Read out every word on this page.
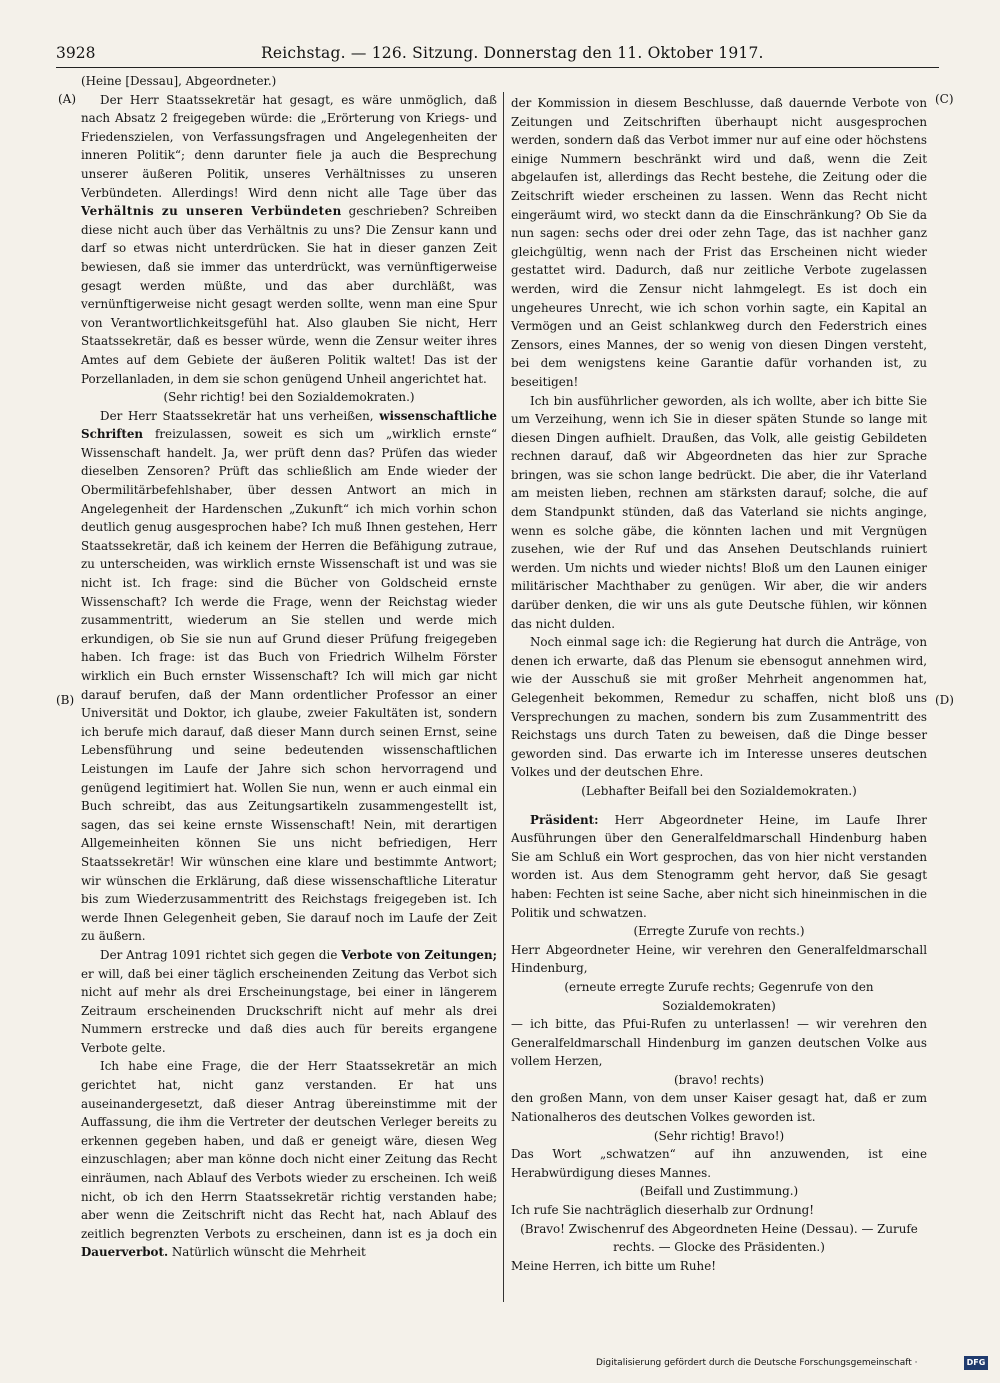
3928	Reichstag. — 126. Sitzung. Donnerstag den 11. Oktober 1917.
(A)
(B)
(C)
(D)

(Heine [Dessau], Abgeordneter.)

Der Herr Staatssekretär hat gesagt, es wäre unmöglich, daß nach Absatz 2 freigegeben würde: die „Erörterung von Kriegs- und Friedenszielen, von Verfassungsfragen und Angelegenheiten der inneren Politik“; denn darunter fiele ja auch die Besprechung unserer äußeren Politik, unseres Verhältnisses zu unseren Verbündeten. Allerdings! Wird denn nicht alle Tage über das Verhältnis zu unseren Verbündeten geschrieben? Schreiben diese nicht auch über das Verhältnis zu uns? Die Zensur kann und darf so etwas nicht unterdrücken. Sie hat in dieser ganzen Zeit bewiesen, daß sie immer das unterdrückt, was vernünftigerweise gesagt werden müßte, und das aber durchläßt, was vernünftigerweise nicht gesagt werden sollte, wenn man eine Spur von Verantwortlichkeitsgefühl hat. Also glauben Sie nicht, Herr Staatssekretär, daß es besser würde, wenn die Zensur weiter ihres Amtes auf dem Gebiete der äußeren Politik waltet! Das ist der Porzellanladen, in dem sie schon genügend Unheil angerichtet hat.

(Sehr richtig! bei den Sozialdemokraten.)

Der Herr Staatssekretär hat uns verheißen, wissenschaftliche Schriften freizulassen, soweit es sich um „wirklich ernste“ Wissenschaft handelt. Ja, wer prüft denn das? Prüfen das wieder dieselben Zensoren? Prüft das schließlich am Ende wieder der Obermilitärbefehlshaber, über dessen Antwort an mich in Angelegenheit der Hardenschen „Zukunft“ ich mich vorhin schon deutlich genug ausgesprochen habe? Ich muß Ihnen gestehen, Herr Staatssekretär, daß ich keinem der Herren die Befähigung zutraue, zu unterscheiden, was wirklich ernste Wissenschaft ist und was sie nicht ist. Ich frage: sind die Bücher von Goldscheid ernste Wissenschaft? Ich werde die Frage, wenn der Reichstag wieder zusammentritt, wiederum an Sie stellen und werde mich erkundigen, ob Sie sie nun auf Grund dieser Prüfung freigegeben haben. Ich frage: ist das Buch von Friedrich Wilhelm Förster wirklich ein Buch ernster Wissenschaft? Ich will mich gar nicht darauf berufen, daß der Mann ordentlicher Professor an einer Universität und Doktor, ich glaube, zweier Fakultäten ist, sondern ich berufe mich darauf, daß dieser Mann durch seinen Ernst, seine Lebensführung und seine bedeutenden wissenschaftlichen Leistungen im Laufe der Jahre sich schon hervorragend und genügend legitimiert hat. Wollen Sie nun, wenn er auch einmal ein Buch schreibt, das aus Zeitungsartikeln zusammengestellt ist, sagen, das sei keine ernste Wissenschaft! Nein, mit derartigen Allgemeinheiten können Sie uns nicht befriedigen, Herr Staatssekretär! Wir wünschen eine klare und bestimmte Antwort; wir wünschen die Erklärung, daß diese wissenschaftliche Literatur bis zum Wiederzusammentritt des Reichstags freigegeben ist. Ich werde Ihnen Gelegenheit geben, Sie darauf noch im Laufe der Zeit zu äußern.

Der Antrag 1091 richtet sich gegen die Verbote von Zeitungen; er will, daß bei einer täglich erscheinenden Zeitung das Verbot sich nicht auf mehr als drei Erscheinungstage, bei einer in längerem Zeitraum erscheinenden Druckschrift nicht auf mehr als drei Nummern erstrecke und daß dies auch für bereits ergangene Verbote gelte.

Ich habe eine Frage, die der Herr Staatssekretär an mich gerichtet hat, nicht ganz verstanden. Er hat uns auseinandergesetzt, daß dieser Antrag übereinstimme mit der Auffassung, die ihm die Vertreter der deutschen Verleger bereits zu erkennen gegeben haben, und daß er geneigt wäre, diesen Weg einzuschlagen; aber man könne doch nicht einer Zeitung das Recht einräumen, nach Ablauf des Verbots wieder zu erscheinen. Ich weiß nicht, ob ich den Herrn Staatssekretär richtig verstanden habe; aber wenn die Zeitschrift nicht das Recht hat, nach Ablauf des zeitlich begrenzten Verbots zu erscheinen, dann ist es ja doch ein Dauerverbot. Natürlich wünscht die Mehrheit

der Kommission in diesem Beschlusse, daß dauernde Verbote von Zeitungen und Zeitschriften überhaupt nicht ausgesprochen werden, sondern daß das Verbot immer nur auf eine oder höchstens einige Nummern beschränkt wird und daß, wenn die Zeit abgelaufen ist, allerdings das Recht bestehe, die Zeitung oder die Zeitschrift wieder erscheinen zu lassen. Wenn das Recht nicht eingeräumt wird, wo steckt dann da die Einschränkung? Ob Sie da nun sagen: sechs oder drei oder zehn Tage, das ist nachher ganz gleichgültig, wenn nach der Frist das Erscheinen nicht wieder gestattet wird. Dadurch, daß nur zeitliche Verbote zugelassen werden, wird die Zensur nicht lahmgelegt. Es ist doch ein ungeheures Unrecht, wie ich schon vorhin sagte, ein Kapital an Vermögen und an Geist schlankweg durch den Federstrich eines Zensors, eines Mannes, der so wenig von diesen Dingen versteht, bei dem wenigstens keine Garantie dafür vorhanden ist, zu beseitigen!

Ich bin ausführlicher geworden, als ich wollte, aber ich bitte Sie um Verzeihung, wenn ich Sie in dieser späten Stunde so lange mit diesen Dingen aufhielt. Draußen, das Volk, alle geistig Gebildeten rechnen darauf, daß wir Abgeordneten das hier zur Sprache bringen, was sie schon lange bedrückt. Die aber, die ihr Vaterland am meisten lieben, rechnen am stärksten darauf; solche, die auf dem Standpunkt stünden, daß das Vaterland sie nichts anginge, wenn es solche gäbe, die könnten lachen und mit Vergnügen zusehen, wie der Ruf und das Ansehen Deutschlands ruiniert werden. Um nichts und wieder nichts! Bloß um den Launen einiger militärischer Machthaber zu genügen. Wir aber, die wir anders darüber denken, die wir uns als gute Deutsche fühlen, wir können das nicht dulden.

Noch einmal sage ich: die Regierung hat durch die Anträge, von denen ich erwarte, daß das Plenum sie ebensogut annehmen wird, wie der Ausschuß sie mit großer Mehrheit angenommen hat, Gelegenheit bekommen, Remedur zu schaffen, nicht bloß uns Versprechungen zu machen, sondern bis zum Zusammentritt des Reichstags uns durch Taten zu beweisen, daß die Dinge besser geworden sind. Das erwarte ich im Interesse unseres deutschen Volkes und der deutschen Ehre.

(Lebhafter Beifall bei den Sozialdemokraten.)

Präsident: Herr Abgeordneter Heine, im Laufe Ihrer Ausführungen über den Generalfeldmarschall Hindenburg haben Sie am Schluß ein Wort gesprochen, das von hier nicht verstanden worden ist. Aus dem Stenogramm geht hervor, daß Sie gesagt haben: Fechten ist seine Sache, aber nicht sich hineinmischen in die Politik und schwatzen.

(Erregte Zurufe von rechts.)

Herr Abgeordneter Heine, wir verehren den Generalfeldmarschall Hindenburg,

(erneute erregte Zurufe rechts; Gegenrufe von den Sozialdemokraten)

— ich bitte, das Pfui-Rufen zu unterlassen! — wir verehren den Generalfeldmarschall Hindenburg im ganzen deutschen Volke aus vollem Herzen,

(bravo! rechts)

den großen Mann, von dem unser Kaiser gesagt hat, daß er zum Nationalheros des deutschen Volkes geworden ist.

(Sehr richtig! Bravo!)

Das Wort „schwatzen“ auf ihn anzuwenden, ist eine Herabwürdigung dieses Mannes.

(Beifall und Zustimmung.)

Ich rufe Sie nachträglich dieserhalb zur Ordnung!

(Bravo! Zwischenruf des Abgeordneten Heine (Dessau). — Zurufe rechts. — Glocke des Präsidenten.)

Meine Herren, ich bitte um Ruhe!

Digitalisierung gefördert durch die Deutsche Forschungsgemeinschaft ·	DFG
